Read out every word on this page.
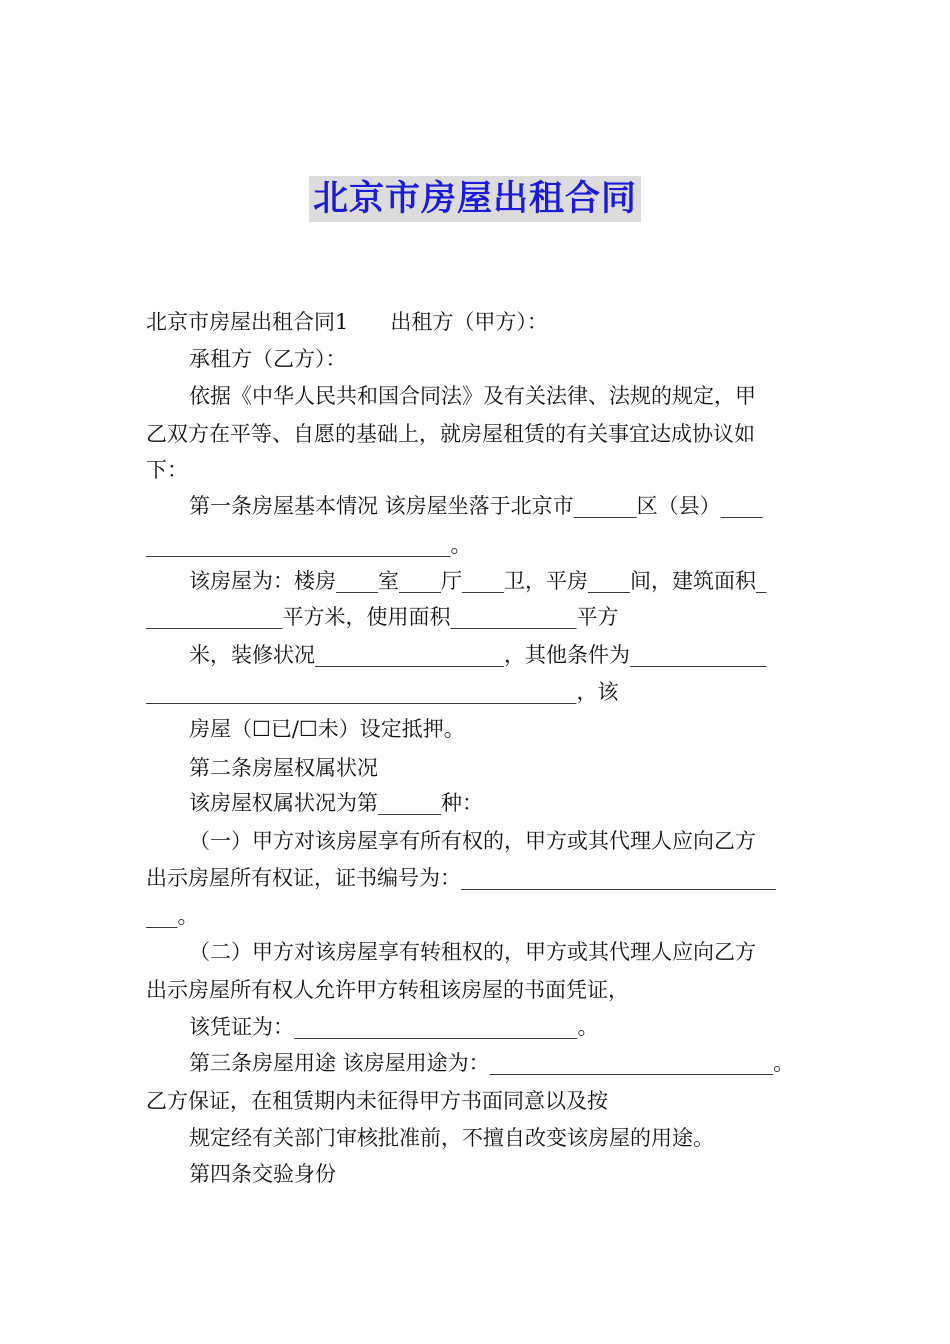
北京市房屋出租合同

北京市房屋出租合同1　　出租方（甲方）：

承租方（乙方）：

依据《中华人民共和国合同法》及有关法律、法规的规定，甲

乙双方在平等、自愿的基础上，就房屋租赁的有关事宜达成协议如

下：

第一条房屋基本情况 该房屋坐落于北京市______区（县）____

_____________________________。

该房屋为：楼房____室____厅____卫，平房____间，建筑面积_

_____________平方米，使用面积____________平方

米，装修状况__________________，其他条件为_____________

_________________________________________，该

房屋（☐已/☐未）设定抵押。

第二条房屋权属状况

该房屋权属状况为第______种：

（一）甲方对该房屋享有所有权的，甲方或其代理人应向乙方

出示房屋所有权证，证书编号为：______________________________

___。

（二）甲方对该房屋享有转租权的，甲方或其代理人应向乙方

出示房屋所有权人允许甲方转租该房屋的书面凭证，

该凭证为：___________________________。

第三条房屋用途 该房屋用途为：___________________________。

乙方保证，在租赁期内未征得甲方书面同意以及按

规定经有关部门审核批准前，不擅自改变该房屋的用途。

第四条交验身份
